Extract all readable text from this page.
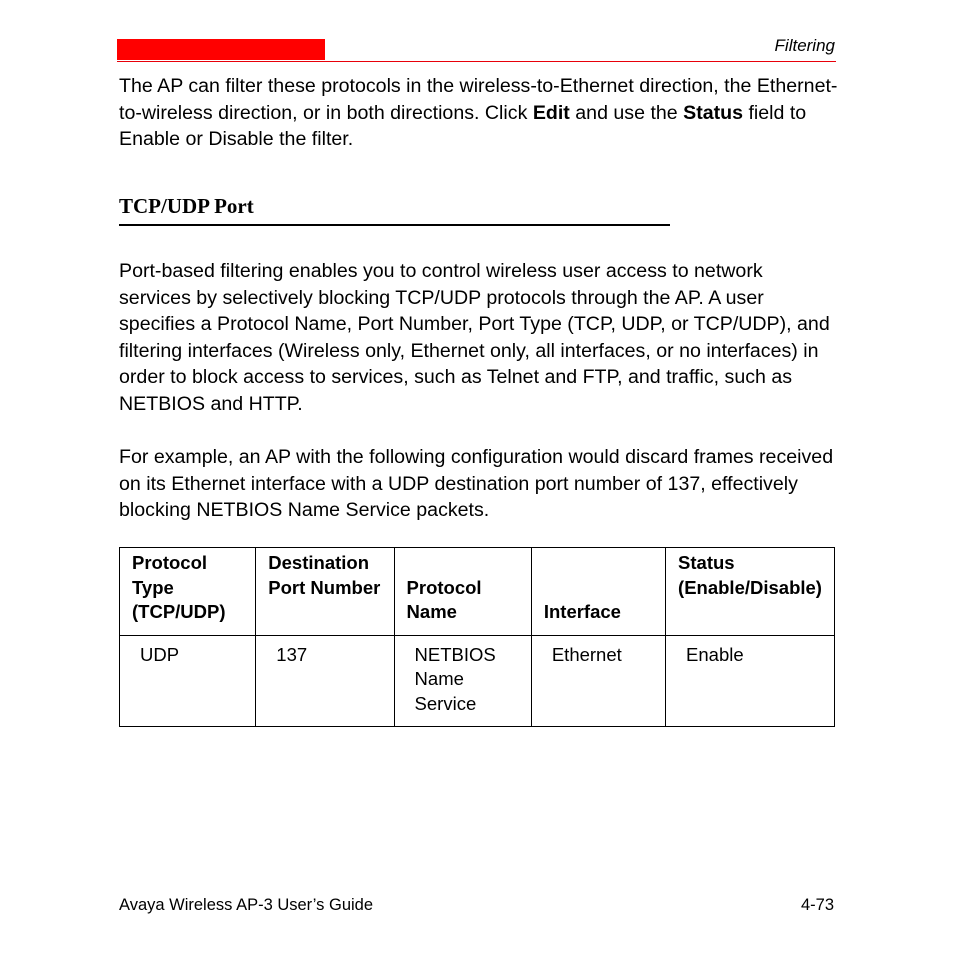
Filtering

The AP can filter these protocols in the wireless-to-Ethernet direction, the Ethernet-to-wireless direction, or in both directions. Click Edit and use the Status field to Enable or Disable the filter.

TCP/UDP Port

Port-based filtering enables you to control wireless user access to network services by selectively blocking TCP/UDP protocols through the AP. A user specifies a Protocol Name, Port Number, Port Type (TCP, UDP, or TCP/UDP), and filtering interfaces (Wireless only, Ethernet only, all interfaces, or no interfaces) in order to block access to services, such as Telnet and FTP, and traffic, such as NETBIOS and HTTP.

For example, an AP with the following configuration would discard frames received on its Ethernet interface with a UDP destination port number of 137, effectively blocking NETBIOS Name Service packets.

Protocol Type (TCP/UDP)	Destination Port Number	Protocol Name	Interface	Status (Enable/Disable)
UDP	137	NETBIOS Name Service	Ethernet	Enable
Avaya Wireless AP-3 User’s Guide	4-73
